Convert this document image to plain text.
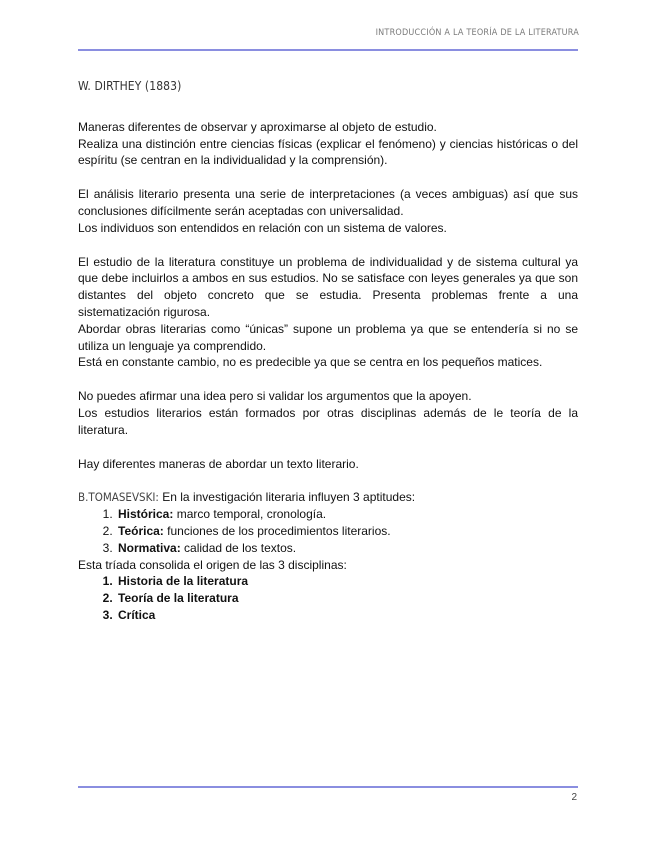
INTRODUCCIÓN A LA TEORÍA DE LA LITERATURA
W. DIRTHEY (1883)

Maneras diferentes de observar y aproximarse al objeto de estudio.

Realiza una distinción entre ciencias físicas (explicar el fenómeno) y ciencias históricas o del espíritu (se centran en la individualidad y la comprensión).

El análisis literario presenta una serie de interpretaciones (a veces ambiguas) así que sus conclusiones difícilmente serán aceptadas con universalidad.

Los individuos son entendidos en relación con un sistema de valores.

El estudio de la literatura constituye un problema de individualidad y de sistema cultural ya que debe incluirlos a ambos en sus estudios. No se satisface con leyes generales ya que son distantes del objeto concreto que se estudia. Presenta problemas frente a una sistematización rigurosa.

Abordar obras literarias como “únicas” supone un problema ya que se entendería si no se utiliza un lenguaje ya comprendido.

Está en constante cambio, no es predecible ya que se centra en los pequeños matices.

No puedes afirmar una idea pero si validar los argumentos que la apoyen.

Los estudios literarios están formados por otras disciplinas además de le teoría de la literatura.

Hay diferentes maneras de abordar un texto literario.

B.TOMASEVSKI: En la investigación literaria influyen 3 aptitudes:
1. Histórica: marco temporal, cronología.
2. Teórica: funciones de los procedimientos literarios.
3. Normativa: calidad de los textos.

Esta tríada consolida el origen de las 3 disciplinas:

1. Historia de la literatura
2. Teoría de la literatura
3. Crítica
2
